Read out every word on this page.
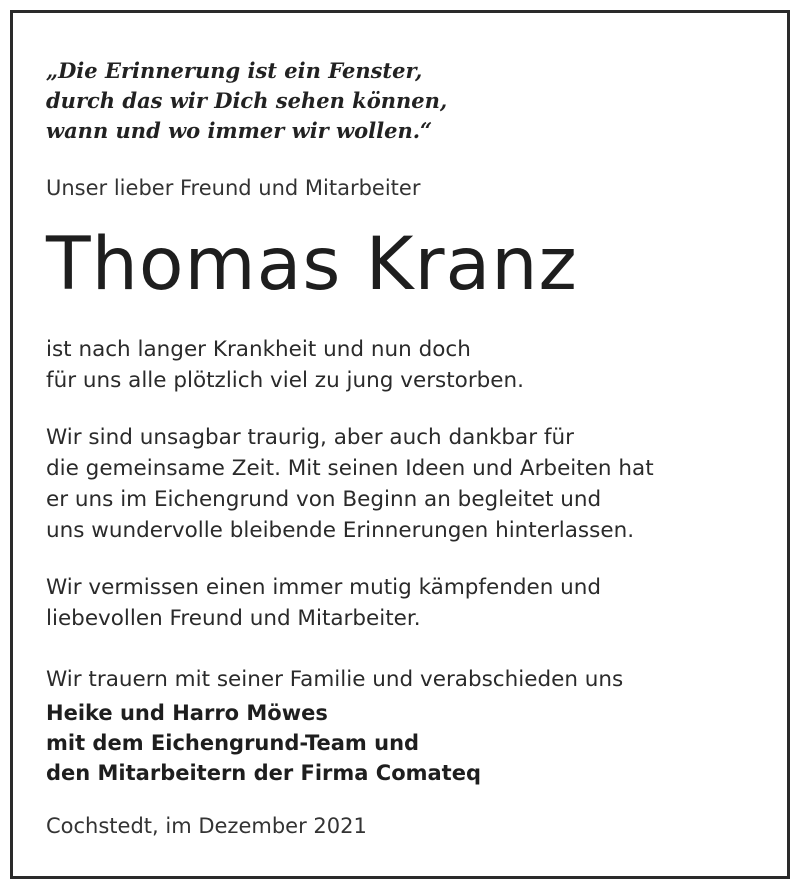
„Die Erinnerung ist ein Fenster,
durch das wir Dich sehen können,
wann und wo immer wir wollen.“
Unser lieber Freund und Mitarbeiter
Thomas Kranz
ist nach langer Krankheit und nun doch
für uns alle plötzlich viel zu jung verstorben.
Wir sind unsagbar traurig, aber auch dankbar für
die gemeinsame Zeit. Mit seinen Ideen und Arbeiten hat
er uns im Eichengrund von Beginn an begleitet und
uns wundervolle bleibende Erinnerungen hinterlassen.
Wir vermissen einen immer mutig kämpfenden und
liebevollen Freund und Mitarbeiter.
Wir trauern mit seiner Familie und verabschieden uns
Heike und Harro Möwes
mit dem Eichengrund-Team und
den Mitarbeitern der Firma Comateq
Cochstedt, im Dezember 2021
